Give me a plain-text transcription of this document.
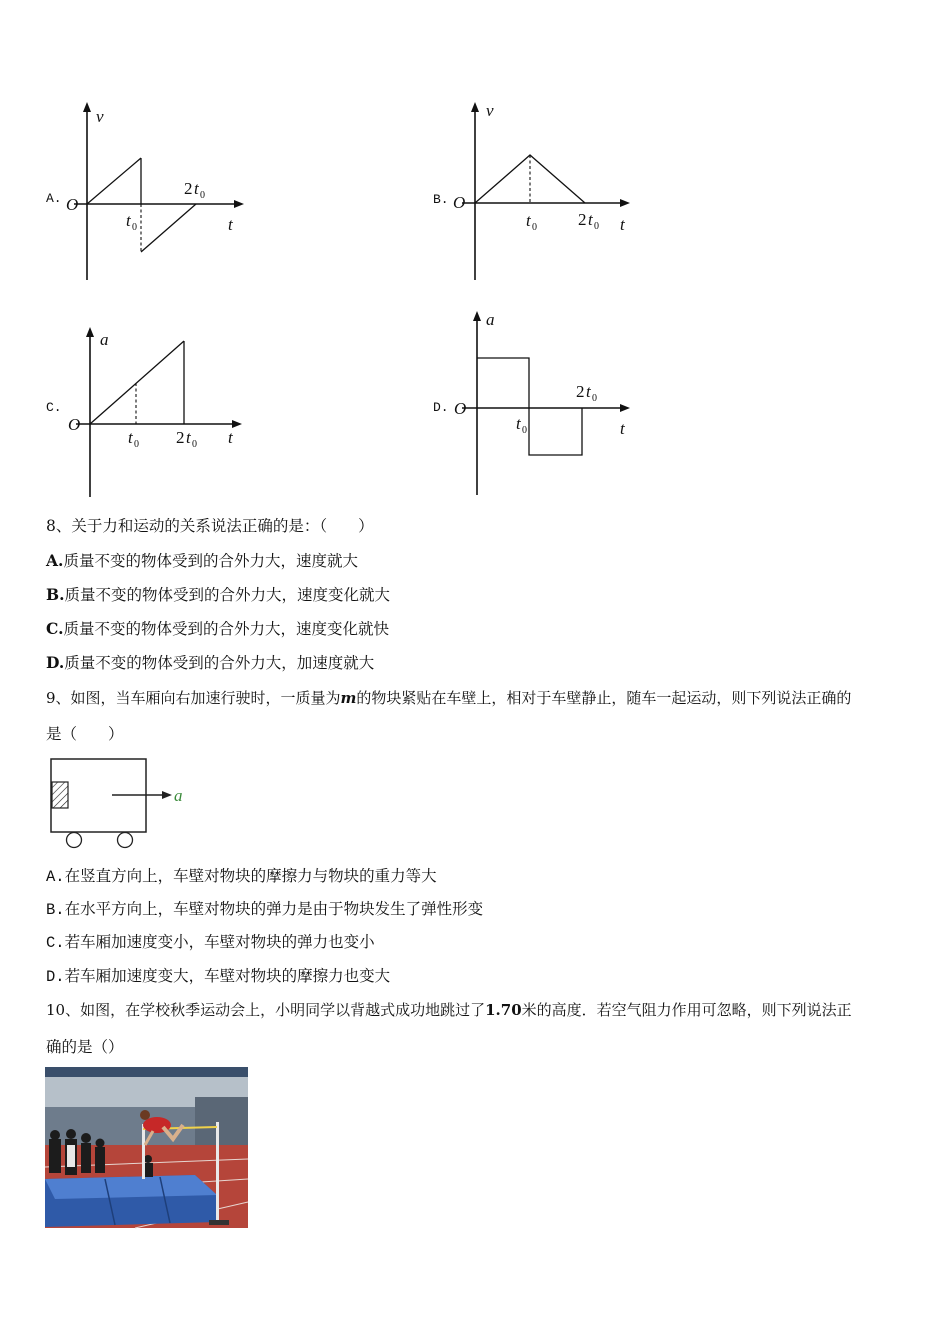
A.
v
O
t
t 0
2 t 0	B.
v
O
t
t 0 2 t 0
C.
a
O
t
t 0 2 t 0
D.
a
O
t
t 0
2 t 0
8、关于力和运动的关系说法正确的是：（　　）
A.质量不变的物体受到的合外力大，速度就大
B.质量不变的物体受到的合外力大，速度变化就大
C.质量不变的物体受到的合外力大，速度变化就快
D.质量不变的物体受到的合外力大，加速度就大
9、如图，当车厢向右加速行驶时，一质量为m的物块紧贴在车壁上，相对于车壁静止，随车一起运动，则下列说法正确的
是（　　）
a
A.在竖直方向上，车壁对物块的摩擦力与物块的重力等大
B.在水平方向上，车壁对物块的弹力是由于物块发生了弹性形变
C.若车厢加速度变小，车壁对物块的弹力也变小
D.若车厢加速度变大，车壁对物块的摩擦力也变大
10、如图，在学校秋季运动会上，小明同学以背越式成功地跳过了1.70米的高度．若空气阻力作用可忽略，则下列说法正
确的是（）
